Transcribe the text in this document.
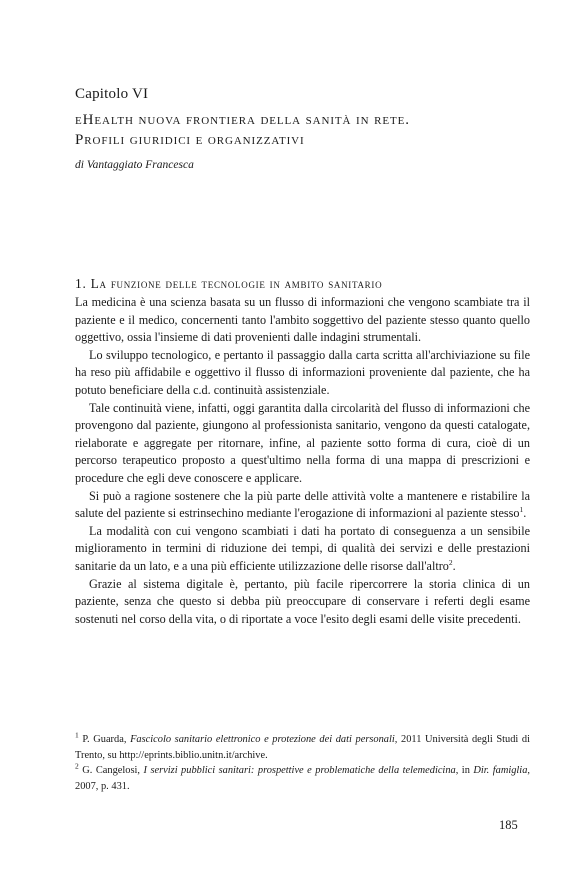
Capitolo VI
eHealth nuova frontiera della sanità in rete.
Profili giuridici e organizzativi
di Vantaggiato Francesca
1. La funzione delle tecnologie in ambito sanitario

La medicina è una scienza basata su un flusso di informazioni che vengono scambiate tra il paziente e il medico, concernenti tanto l'ambito soggettivo del paziente stesso quanto quello oggettivo, ossia l'insieme di dati provenienti dalle indagini strumentali.

Lo sviluppo tecnologico, e pertanto il passaggio dalla carta scritta all'archiviazione su file ha reso più affidabile e oggettivo il flusso di informazioni proveniente dal paziente, che ha potuto beneficiare della c.d. continuità assistenziale.

Tale continuità viene, infatti, oggi garantita dalla circolarità del flusso di informazioni che provengono dal paziente, giungono al professionista sanitario, vengono da questi catalogate, rielaborate e aggregate per ritornare, infine, al paziente sotto forma di cura, cioè di un percorso terapeutico proposto a quest'ultimo nella forma di una mappa di prescrizioni e procedure che egli deve conoscere e applicare.

Si può a ragione sostenere che la più parte delle attività volte a mantenere e ristabilire la salute del paziente si estrinsechino mediante l'erogazione di informazioni al paziente stesso$^1$.

La modalità con cui vengono scambiati i dati ha portato di conseguenza a un sensibile miglioramento in termini di riduzione dei tempi, di qualità dei servizi e delle prestazioni sanitarie da un lato, e a una più efficiente utilizzazione delle risorse dall'altro$^2$.

Grazie al sistema digitale è, pertanto, più facile ripercorrere la storia clinica di un paziente, senza che questo si debba più preoccupare di conservare i referti degli esame sostenuti nel corso della vita, o di riportate a voce l'esito degli esami delle visite precedenti.

$^1$ P. Guarda, Fascicolo sanitario elettronico e protezione dei dati personali, 2011 Università degli Studi di Trento, su http://eprints.biblio.unitn.it/archive.

$^2$ G. Cangelosi, I servizi pubblici sanitari: prospettive e problematiche della telemedicina, in Dir. famiglia, 2007, p. 431.

185
